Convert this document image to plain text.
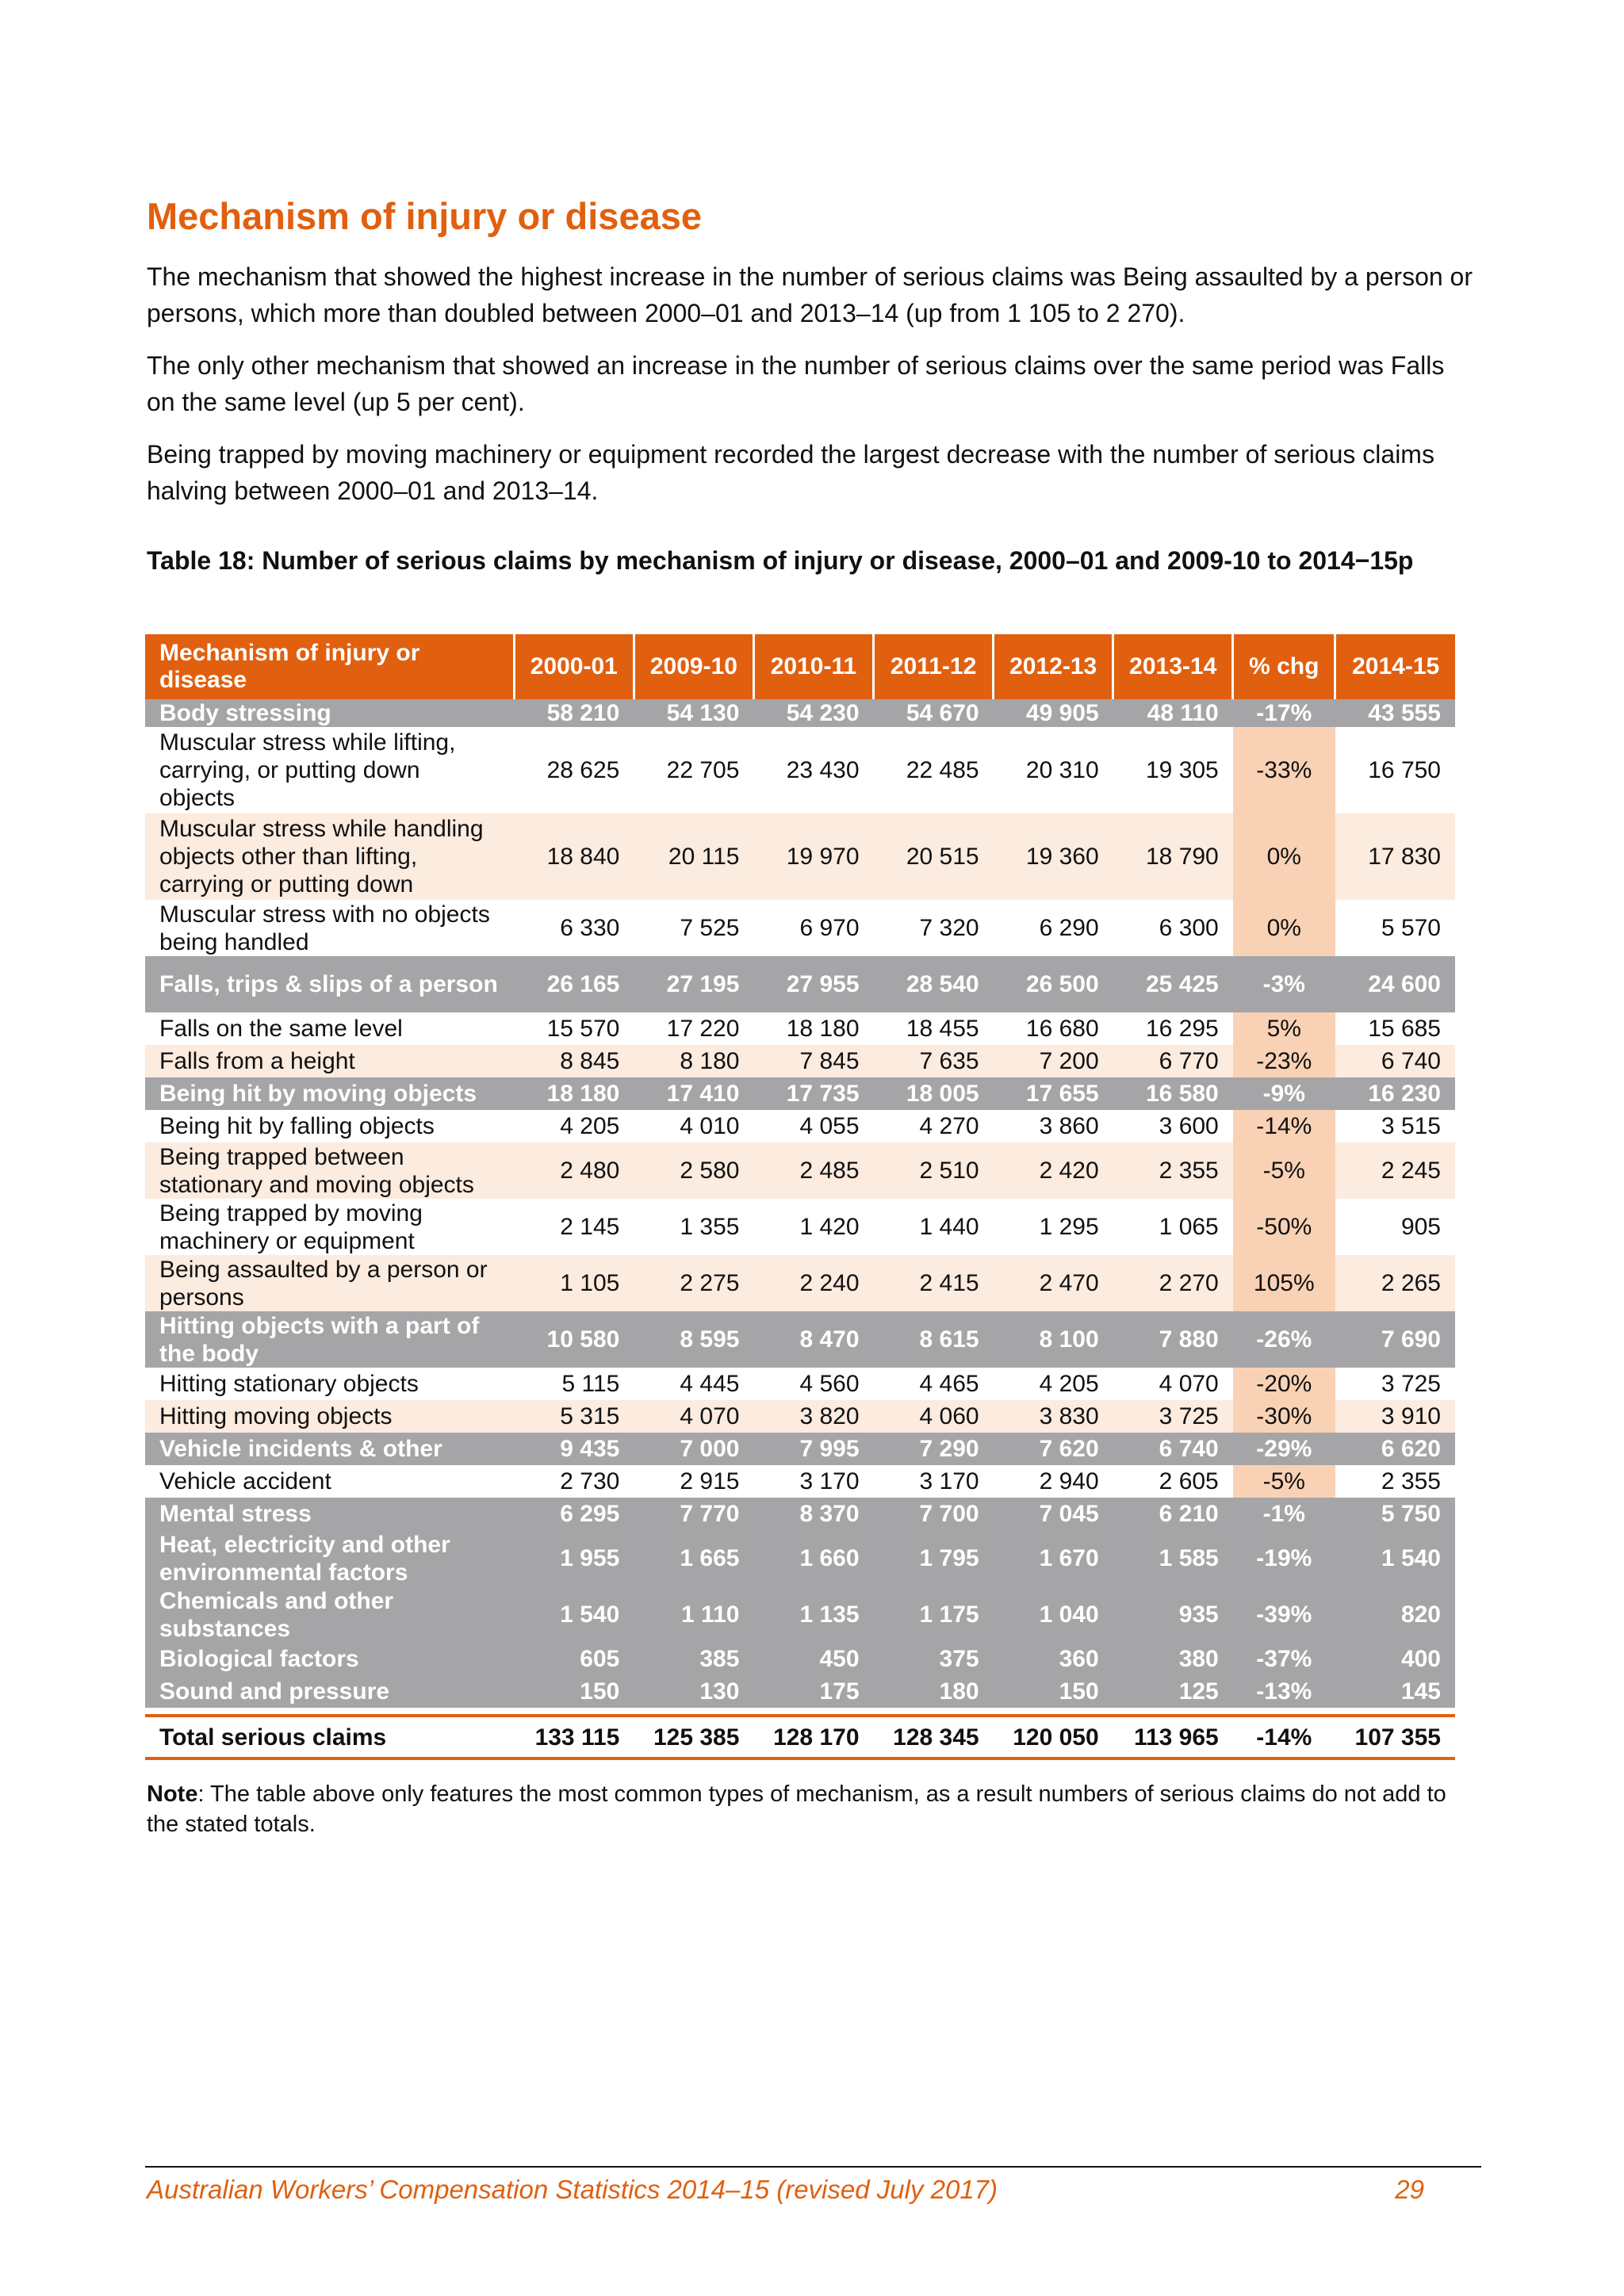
Mechanism of injury or disease

The mechanism that showed the highest increase in the number of serious claims was Being assaulted by a person or persons, which more than doubled between 2000–01 and 2013–14 (up from 1 105 to 2 270).

The only other mechanism that showed an increase in the number of serious claims over the same period was Falls on the same level (up 5 per cent).

Being trapped by moving machinery or equipment recorded the largest decrease with the number of serious claims halving between 2000–01 and 2013–14.

Table 18: Number of serious claims by mechanism of injury or disease, 2000–01 and 2009-10 to 2014−15p

Mechanism of injury or disease	2000-01	2009-10	2010-11	2011-12	2012-13	2013-14	% chg	2014-15
Body stressing	58 210	54 130	54 230	54 670	49 905	48 110	-17%	43 555
Muscular stress while lifting, carrying, or putting down objects	28 625	22 705	23 430	22 485	20 310	19 305	-33%	16 750
Muscular stress while handling objects other than lifting, carrying or putting down	18 840	20 115	19 970	20 515	19 360	18 790	0%	17 830
Muscular stress with no objects being handled	6 330	7 525	6 970	7 320	6 290	6 300	0%	5 570
Falls, trips & slips of a person	26 165	27 195	27 955	28 540	26 500	25 425	-3%	24 600
Falls on the same level	15 570	17 220	18 180	18 455	16 680	16 295	5%	15 685
Falls from a height	8 845	8 180	7 845	7 635	7 200	6 770	-23%	6 740
Being hit by moving objects	18 180	17 410	17 735	18 005	17 655	16 580	-9%	16 230
Being hit by falling objects	4 205	4 010	4 055	4 270	3 860	3 600	-14%	3 515
Being trapped between stationary and moving objects	2 480	2 580	2 485	2 510	2 420	2 355	-5%	2 245
Being trapped by moving machinery or equipment	2 145	1 355	1 420	1 440	1 295	1 065	-50%	905
Being assaulted by a person or persons	1 105	2 275	2 240	2 415	2 470	2 270	105%	2 265
Hitting objects with a part of the body	10 580	8 595	8 470	8 615	8 100	7 880	-26%	7 690
Hitting stationary objects	5 115	4 445	4 560	4 465	4 205	4 070	-20%	3 725
Hitting moving objects	5 315	4 070	3 820	4 060	3 830	3 725	-30%	3 910
Vehicle incidents & other	9 435	7 000	7 995	7 290	7 620	6 740	-29%	6 620
Vehicle accident	2 730	2 915	3 170	3 170	2 940	2 605	-5%	2 355
Mental stress	6 295	7 770	8 370	7 700	7 045	6 210	-1%	5 750
Heat, electricity and other environmental factors	1 955	1 665	1 660	1 795	1 670	1 585	-19%	1 540
Chemicals and other substances	1 540	1 110	1 135	1 175	1 040	935	-39%	820
Biological factors	605	385	450	375	360	380	-37%	400
Sound and pressure	150	130	175	180	150	125	-13%	145

Total serious claims	133 115	125 385	128 170	128 345	120 050	113 965	-14%	107 355

Note: The table above only features the most common types of mechanism, as a result numbers of serious claims do not add to the stated totals.

Australian Workers’ Compensation Statistics 2014–15 (revised July 2017)	29
